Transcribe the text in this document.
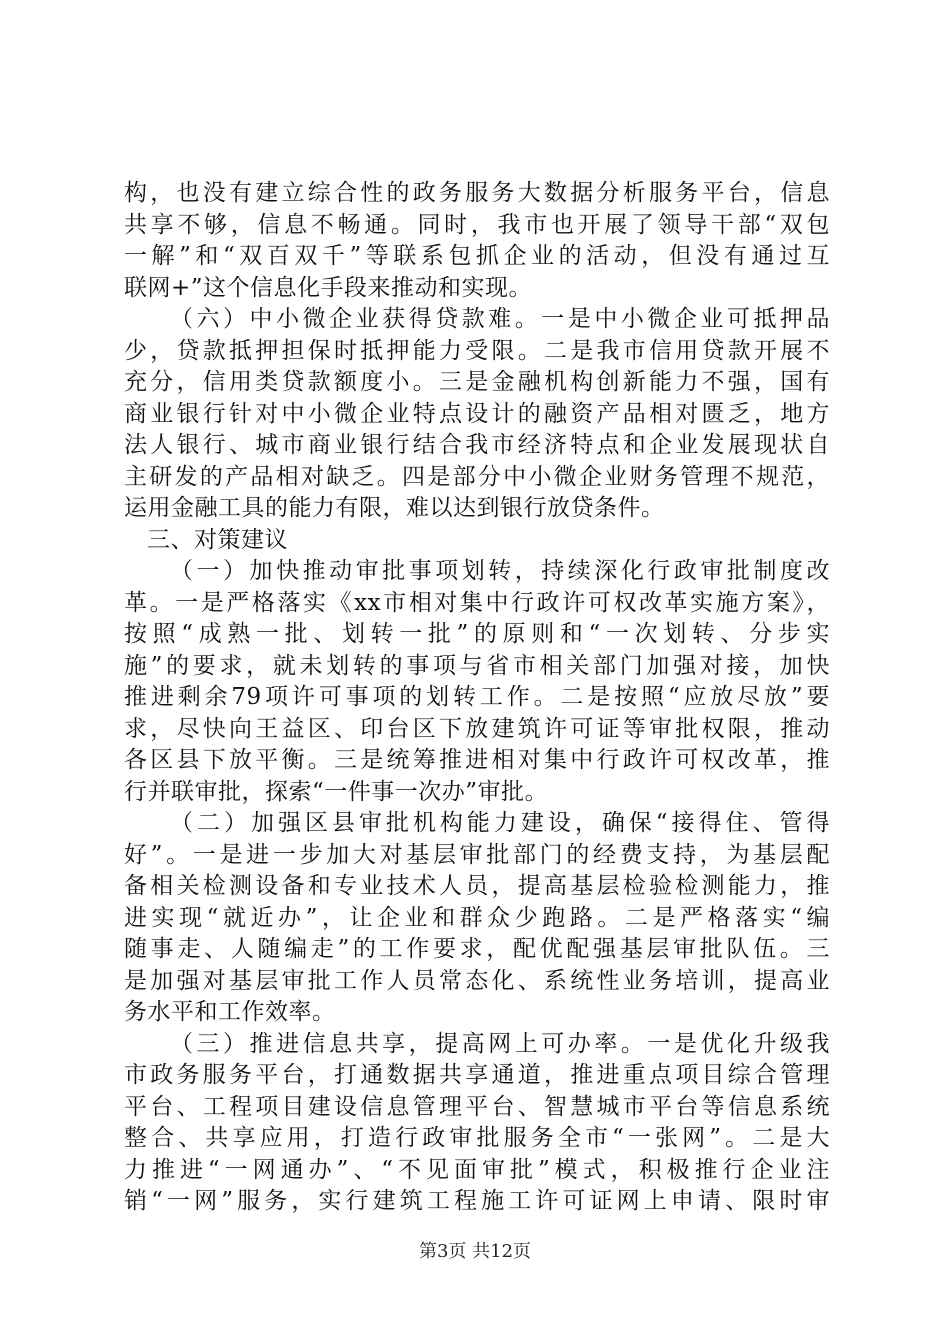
构，也没有建立综合性的政务服务大数据分析服务平台，信息
共享不够，信息不畅通。同时，我市也开展了领导干部“双包
一解”和“双百双千”等联系包抓企业的活动，但没有通过互
联网+”这个信息化手段来推动和实现。
（六）中小微企业获得贷款难。一是中小微企业可抵押品
少，贷款抵押担保时抵押能力受限。二是我市信用贷款开展不
充分，信用类贷款额度小。三是金融机构创新能力不强，国有
商业银行针对中小微企业特点设计的融资产品相对匮乏，地方
法人银行、城市商业银行结合我市经济特点和企业发展现状自
主研发的产品相对缺乏。四是部分中小微企业财务管理不规范，
运用金融工具的能力有限，难以达到银行放贷条件。
三、对策建议
（一）加快推动审批事项划转，持续深化行政审批制度改
革。一是严格落实《xx市相对集中行政许可权改革实施方案》，
按照“成熟一批、划转一批”的原则和“一次划转、分步实
施”的要求，就未划转的事项与省市相关部门加强对接，加快
推进剩余79项许可事项的划转工作。二是按照“应放尽放”要
求，尽快向王益区、印台区下放建筑许可证等审批权限，推动
各区县下放平衡。三是统筹推进相对集中行政许可权改革，推
行并联审批，探索“一件事一次办”审批。
（二）加强区县审批机构能力建设，确保“接得住、管得
好”。一是进一步加大对基层审批部门的经费支持，为基层配
备相关检测设备和专业技术人员，提高基层检验检测能力，推
进实现“就近办”，让企业和群众少跑路。二是严格落实“编
随事走、人随编走”的工作要求，配优配强基层审批队伍。三
是加强对基层审批工作人员常态化、系统性业务培训，提高业
务水平和工作效率。
（三）推进信息共享，提高网上可办率。一是优化升级我
市政务服务平台，打通数据共享通道，推进重点项目综合管理
平台、工程项目建设信息管理平台、智慧城市平台等信息系统
整合、共享应用，打造行政审批服务全市“一张网”。二是大
力推进“一网通办”、“不见面审批”模式，积极推行企业注
销“一网”服务，实行建筑工程施工许可证网上申请、限时审
第3页 共12页
